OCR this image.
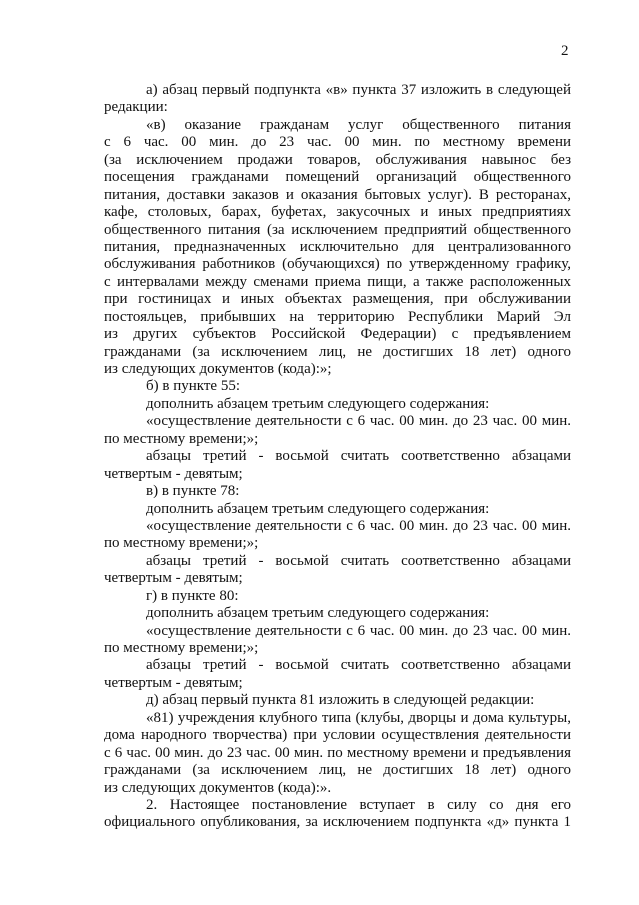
2
а) абзац первый подпункта «в» пункта 37 изложить в следующей
редакции:
«в) оказание гражданам услуг общественного питания
с 6 час. 00 мин. до 23 час. 00 мин. по местному времени
(за исключением продажи товаров, обслуживания навынос без
посещения гражданами помещений организаций общественного
питания, доставки заказов и оказания бытовых услуг). В ресторанах,
кафе, столовых, барах, буфетах, закусочных и иных предприятиях
общественного питания (за исключением предприятий общественного
питания, предназначенных исключительно для централизованного
обслуживания работников (обучающихся) по утвержденному графику,
с интервалами между сменами приема пищи, а также расположенных
при гостиницах и иных объектах размещения, при обслуживании
постояльцев, прибывших на территорию Республики Марий Эл
из других субъектов Российской Федерации) с предъявлением
гражданами (за исключением лиц, не достигших 18 лет) одного
из следующих документов (кода):»;
б) в пункте 55:
дополнить абзацем третьим следующего содержания:
«осуществление деятельности с 6 час. 00 мин. до 23 час. 00 мин.
по местному времени;»;
абзацы третий - восьмой считать соответственно абзацами
четвертым - девятым;
в) в пункте 78:
дополнить абзацем третьим следующего содержания:
«осуществление деятельности с 6 час. 00 мин. до 23 час. 00 мин.
по местному времени;»;
абзацы третий - восьмой считать соответственно абзацами
четвертым - девятым;
г) в пункте 80:
дополнить абзацем третьим следующего содержания:
«осуществление деятельности с 6 час. 00 мин. до 23 час. 00 мин.
по местному времени;»;
абзацы третий - восьмой считать соответственно абзацами
четвертым - девятым;
д) абзац первый пункта 81 изложить в следующей редакции:
«81) учреждения клубного типа (клубы, дворцы и дома культуры,
дома народного творчества) при условии осуществления деятельности
с 6 час. 00 мин. до 23 час. 00 мин. по местному времени и предъявления
гражданами (за исключением лиц, не достигших 18 лет) одного
из следующих документов (кода):».
2. Настоящее постановление вступает в силу со дня его
официального опубликования, за исключением подпункта «д» пункта 1
